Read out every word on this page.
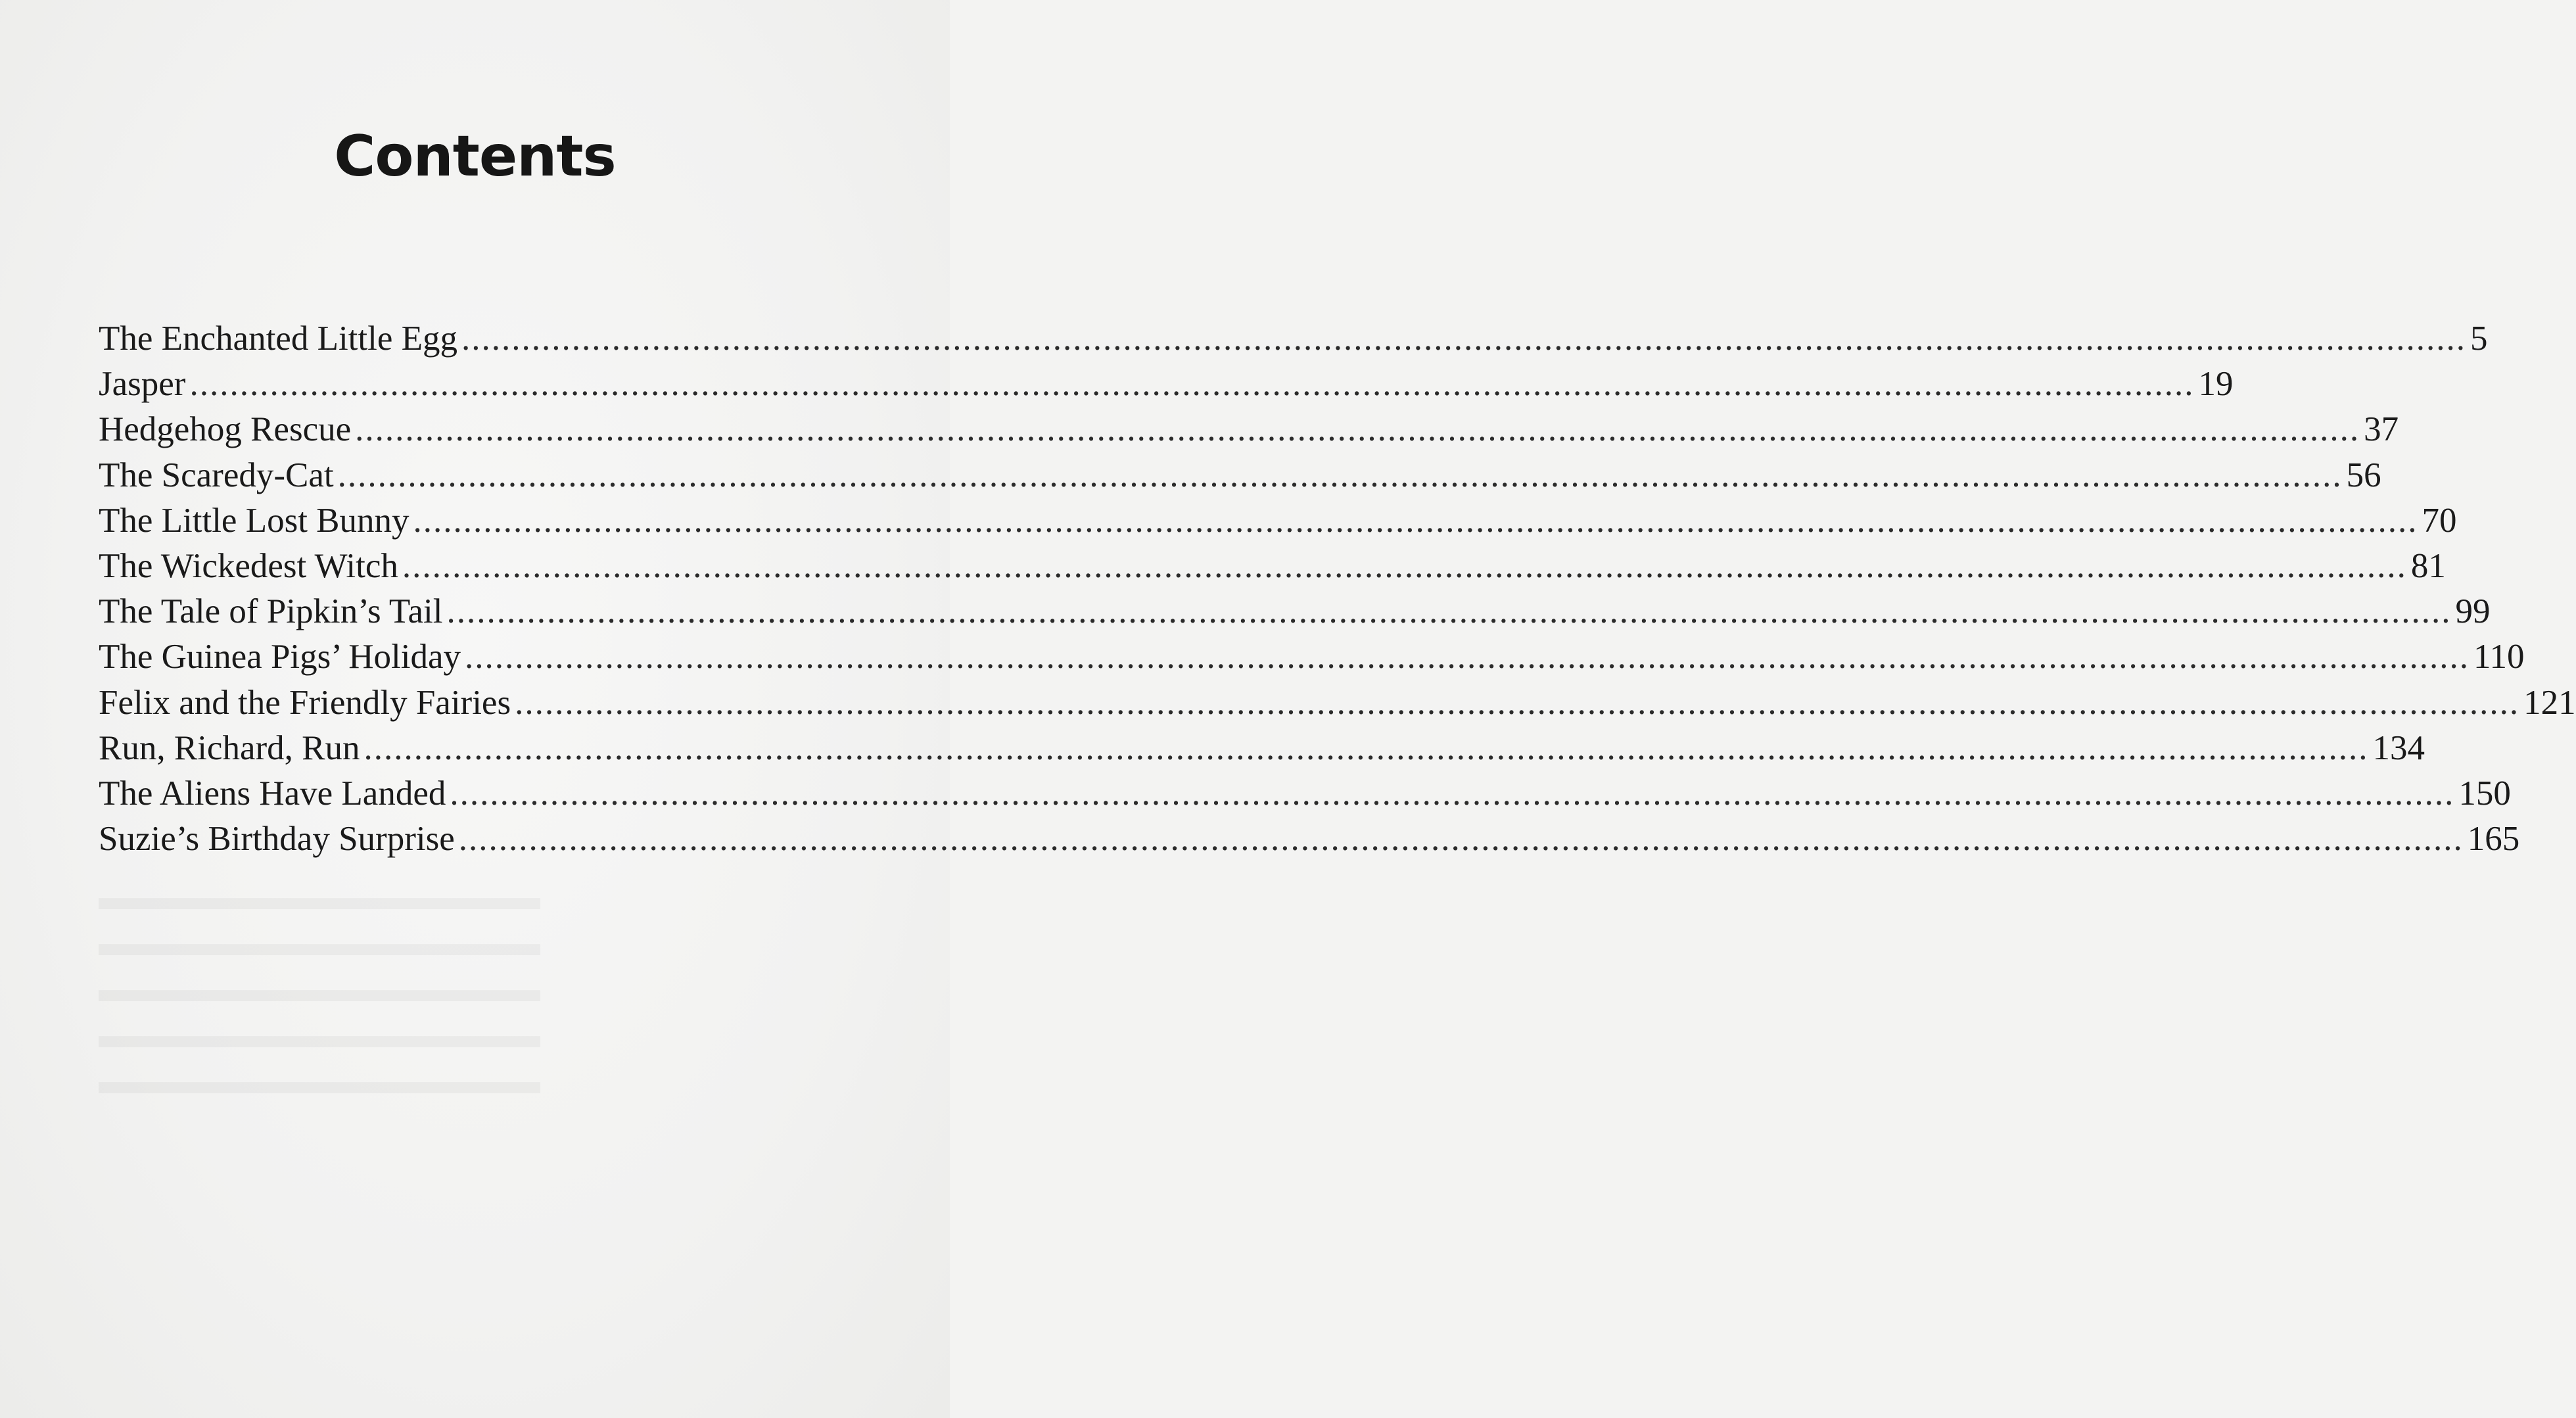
Contents
The Enchanted Little Egg ........................................................................................................................................................................................................ 5
Jasper ........................................................................................................................................................................................................ 19
Hedgehog Rescue ........................................................................................................................................................................................................ 37
The Scaredy-Cat ........................................................................................................................................................................................................ 56
The Little Lost Bunny ........................................................................................................................................................................................................ 70
The Wickedest Witch ........................................................................................................................................................................................................ 81
The Tale of Pipkin’s Tail ........................................................................................................................................................................................................ 99
The Guinea Pigs’ Holiday ........................................................................................................................................................................................................ 110
Felix and the Friendly Fairies ........................................................................................................................................................................................................ 121
Run, Richard, Run ........................................................................................................................................................................................................ 134
The Aliens Have Landed ........................................................................................................................................................................................................ 150
Suzie’s Birthday Surprise ........................................................................................................................................................................................................ 165
